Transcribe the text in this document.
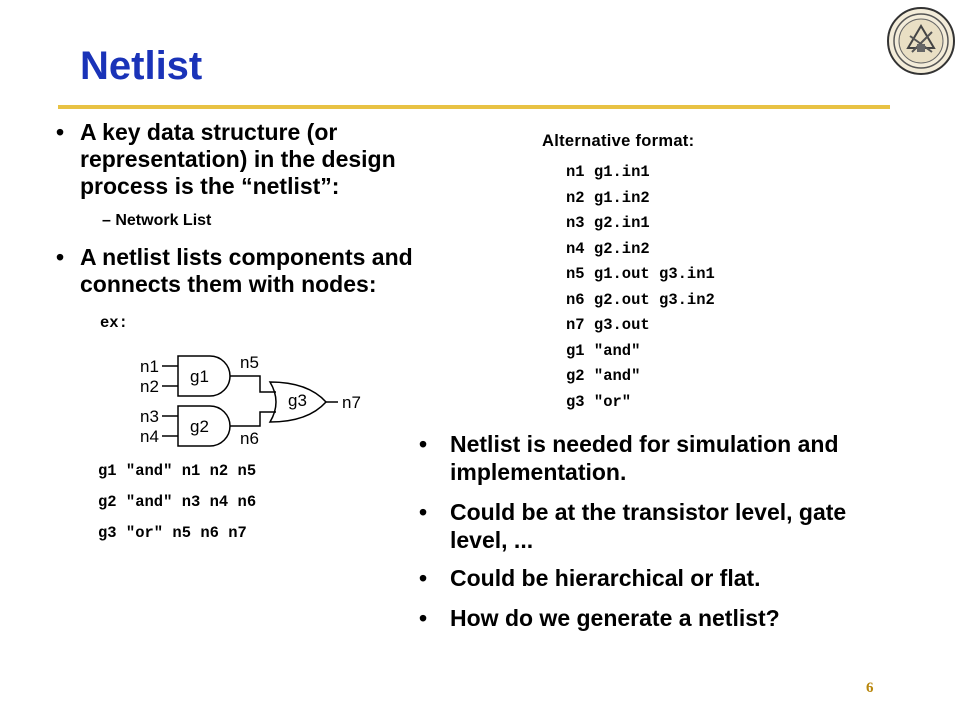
Netlist
• A key data structure (or representation) in the design process is the “netlist”:
– Network List
• A netlist lists components and connects them with nodes:
ex:
n1
n2
n3
n4
g1
g2
g3
n5
n6
n7
g1 "and" n1 n2 n5
g2 "and" n3 n4 n6
g3 "or" n5 n6 n7
Alternative format:
n1 g1.in1
n2 g1.in2
n3 g2.in1
n4 g2.in2
n5 g1.out g3.in1
n6 g2.out g3.in2
n7 g3.out
g1 "and"
g2 "and"
g3 "or"
• Netlist is needed for simulation and implementation.
• Could be at the transistor level, gate level, ...
• Could be hierarchical or flat.
• How do we generate a netlist?
6
